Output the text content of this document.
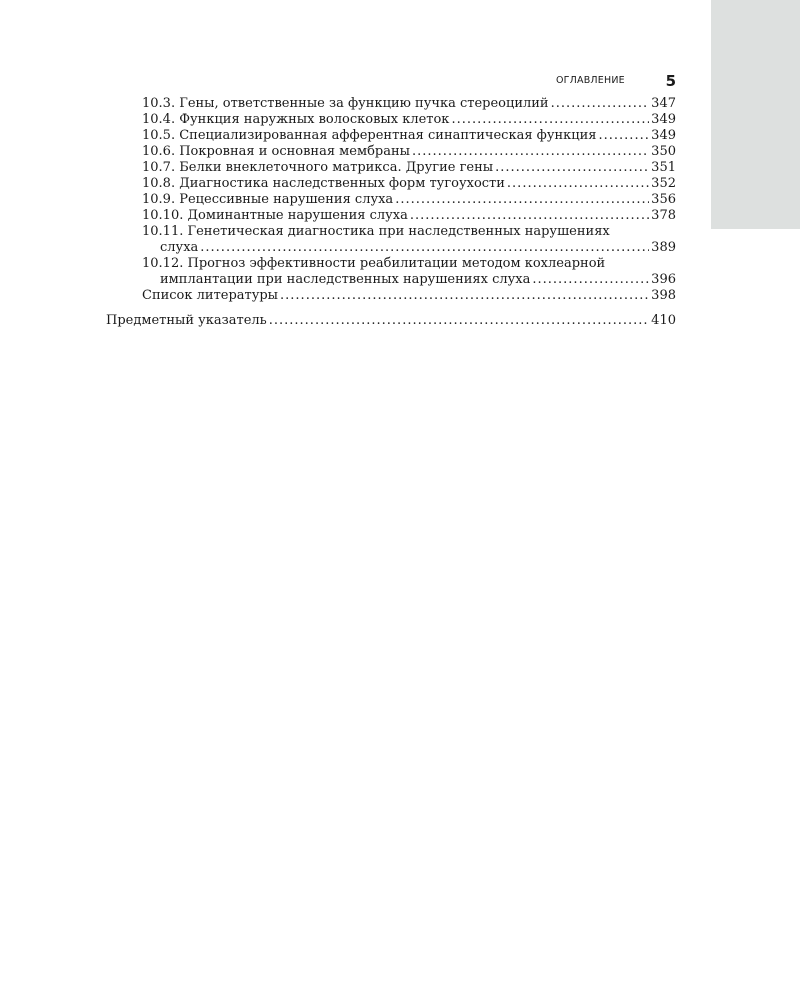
ОГЛАВЛЕНИЕ	5
10.3. Гены, ответственные за функцию пучка стереоцилий .....	347
10.4. Функция наружных волосковых клеток .....	349
10.5. Специализированная афферентная синаптическая функция .....	349
10.6. Покровная и основная мембраны .....	350
10.7. Белки внеклеточного матрикса. Другие гены .....	351
10.8. Диагностика наследственных форм тугоухости .....	352
10.9. Рецессивные нарушения слуха .....	356
10.10. Доминантные нарушения слуха .....	378
10.11. Генетическая диагностика при наследственных нарушениях
слуха .....	389
10.12. Прогноз эффективности реабилитации методом кохлеарной
имплантации при наследственных нарушениях слуха .....	396
Список литературы .....	398
Предметный указатель .....	410
